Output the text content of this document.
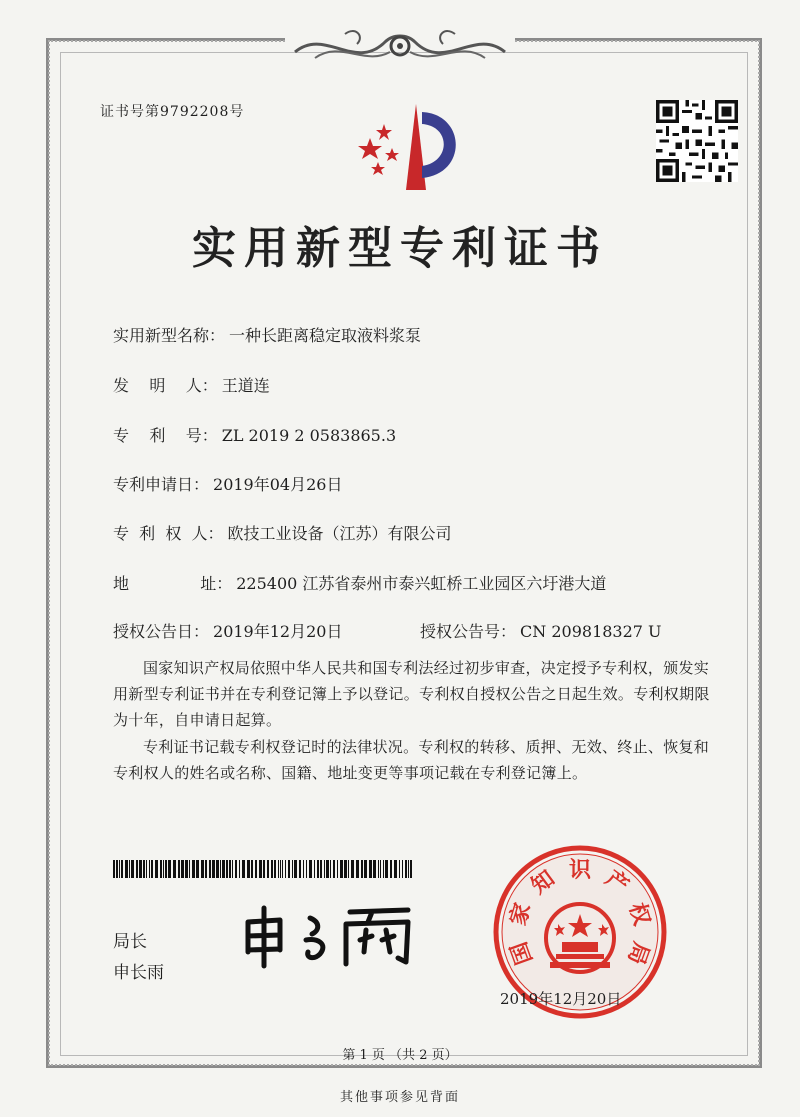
证书号第9792208号
实用新型专利证书
实用新型名称： 一种长距离稳定取液料浆泵
发    明    人： 王道连
专    利    号： ZL 2019 2 0583865.3
专利申请日： 2019年04月26日
专  利  权  人： 欧技工业设备（江苏）有限公司
地              址： 225400 江苏省泰州市泰兴虹桥工业园区六圩港大道
授权公告日： 2019年12月20日	授权公告号： CN 209818327 U
国家知识产权局依照中华人民共和国专利法经过初步审查，决定授予专利权，颁发实用新型专利证书并在专利登记簿上予以登记。专利权自授权公告之日起生效。专利权期限为十年，自申请日起算。
专利证书记载专利权登记时的法律状况。专利权的转移、质押、无效、终止、恢复和专利权人的姓名或名称、国籍、地址变更等事项记载在专利登记簿上。
局长
申长雨
国
家
知 识 产
权
局
2019年12月20日
第 1 页 （共 2 页）
其他事项参见背面
